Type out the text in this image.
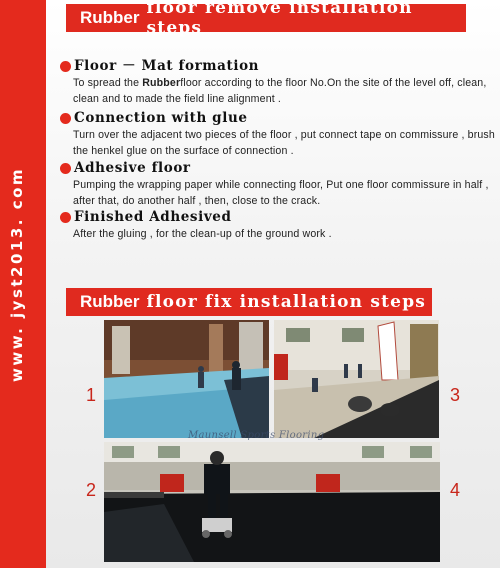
www. jyst2013. com
Rubber floor remove installation steps
Floor － Mat formation
To spread the Rubberfloor according to the floor No.On the site of the level off, clean, clean and to made the field line alignment .
Connection with glue
Turn over the adjacent two pieces of the floor , put connect tape on commissure , brush the henkel glue on the surface of connection .
Adhesive floor
Pumping the wrapping paper while connecting floor, Put one floor commissure in half , after that, do another half , then, close to the crack.
Finished Adhesived
After the gluing , for the clean-up of the ground work .
Rubber floor fix installation steps
Maunsell Sports Flooring
1	3
2	4
